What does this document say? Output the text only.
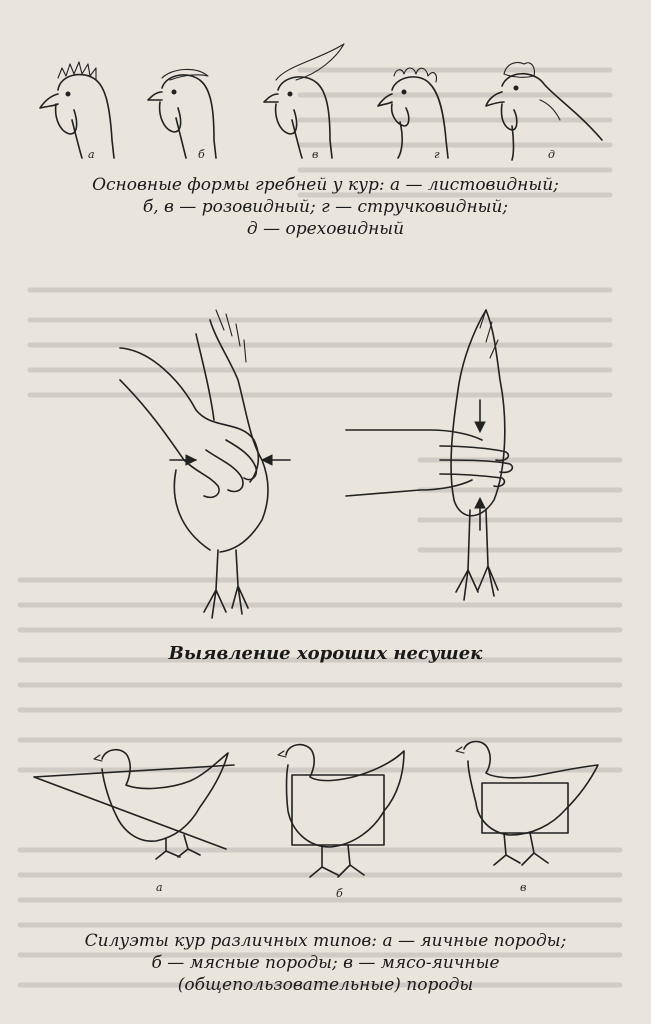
а	б	в	г	д
Основные формы гребней у кур: а — листовидный;
б, в — розовидный; г — стручковидный;
д — ореховидный
Выявление хороших несушек
а	б	в
Силуэты кур различных типов: а — яичные породы;
б — мясные породы; в — мясо-яичные
(общепользовательные) породы
